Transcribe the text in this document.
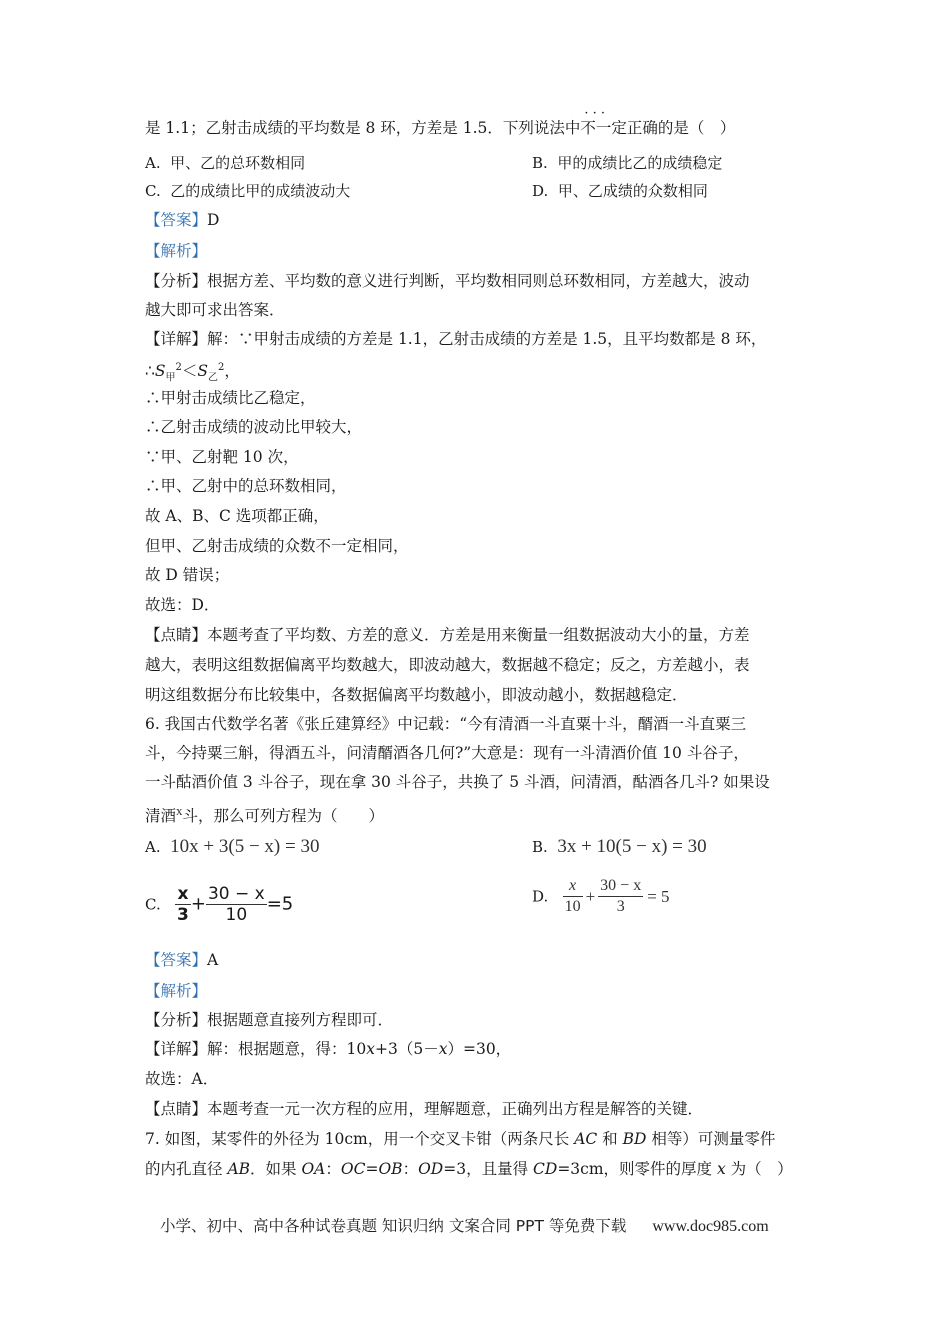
是 1.1；乙射击成绩的平均数是 8 环，方差是 1.5．下列说法中· · · 不一定正确的是（　）
A. 甲、乙的总环数相同	B. 甲的成绩比乙的成绩稳定
C. 乙的成绩比甲的成绩波动大	D. 甲、乙成绩的众数相同
【答案】D
【解析】
【分析】根据方差、平均数的意义进行判断，平均数相同则总环数相同，方差越大，波动
越大即可求出答案．
【详解】解：∵甲射击成绩的方差是 1.1，乙射击成绩的方差是 1.5，且平均数都是 8 环，
$\therefore S_甲^2<S_乙^2$，
∴甲射击成绩比乙稳定，
∴乙射击成绩的波动比甲较大，
∵甲、乙射靶 10 次，
∴甲、乙射中的总环数相同，
故 A、B、C 选项都正确，
但甲、乙射击成绩的众数不一定相同，
故 D 错误；
故选：D．
【点睛】本题考查了平均数、方差的意义．方差是用来衡量一组数据波动大小的量，方差
越大，表明这组数据偏离平均数越大，即波动越大，数据越不稳定；反之，方差越小，表
明这组数据分布比较集中，各数据偏离平均数越小，即波动越小，数据越稳定．
6. 我国古代数学名著《张丘建算经》中记载：“今有清酒一斗直粟十斗，醑酒一斗直粟三
斗，今持粟三斛，得酒五斗，问清醑酒各几何?”大意是：现有一斗清酒价值 10 斗谷子，
一斗酤酒价值 3 斗谷子，现在拿 30 斗谷子，共换了 5 斗酒，问清酒，酤酒各几斗? 如果设
清酒$^x$斗，那么可列方程为（　　）
A. 10x + 3(5 − x) = 30	B. 3x + 10(5 − x) = 30
C. $\frac{x}{3} + \frac{30 - x}{10} =5$	D. $\frac{x}{10} + \frac{30 - x}{3} = 5$
【答案】A
【解析】
【分析】根据题意直接列方程即可．
【详解】解：根据题意，得：10x+3（5－x）=30，
故选：A．
【点睛】本题考查一元一次方程的应用，理解题意，正确列出方程是解答的关键．
7. 如图，某零件的外径为 10cm，用一个交叉卡钳（两条尺长 AC 和 BD 相等）可测量零件
的内孔直径 AB．如果 OA：OC=OB：OD=3，且量得 CD=3cm，则零件的厚度 x 为（　）
小学、初中、高中各种试卷真题 知识归纳 文案合同 PPT 等免费下载 www.doc985.com
